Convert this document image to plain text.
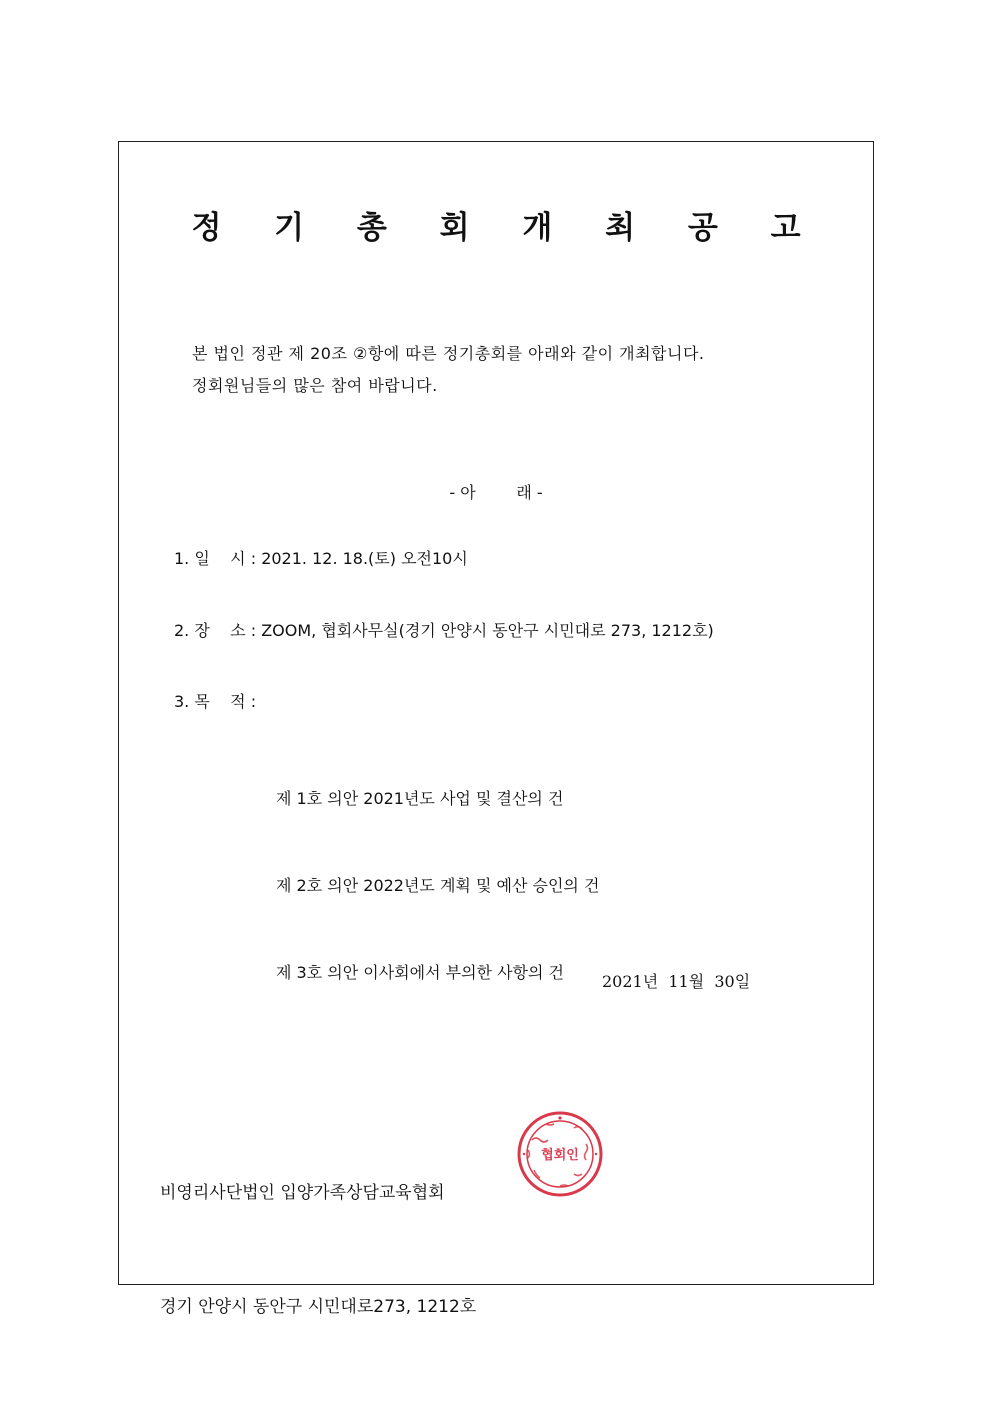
정 기 총 회 개 최 공 고
본 법인 정관 제 20조 ②항에 따른 정기총회를 아래와 같이 개최합니다.
정회원님들의 많은 참여 바랍니다.
- 아        래 -
1. 일    시 : 2021. 12. 18.(토) 오전10시
2. 장    소 : ZOOM, 협회사무실(경기 안양시 동안구 시민대로 273, 1212호)
3. 목    적 :

제 1호 의안 2021년도 사업 및 결산의 건

제 2호 의안 2022년도 계획 및 예산 승인의 건

제 3호 의안 이사회에서 부의한 사항의 건	2021년  11월  30일

비영리사단법인 입양가족상담교육협회

경기 안양시 동안구 시민대로273, 1212호

협회인
